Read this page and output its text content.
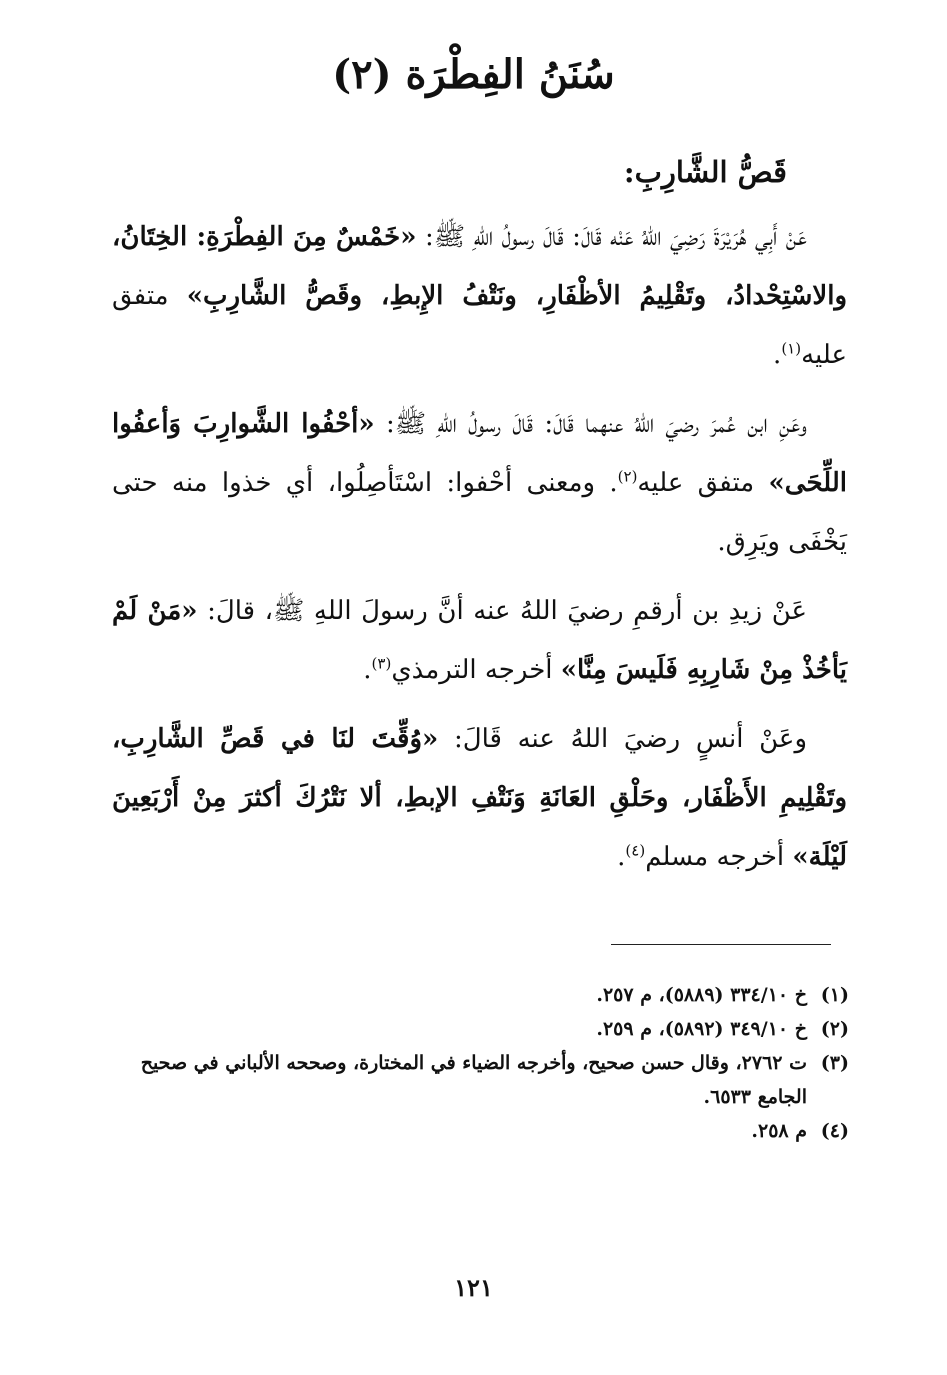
سُنَنُ الفِطْرَة (٢)
قَصُّ الشَّارِبِ:

عَنْ أَبِي هُرَيْرَةَ رَضِيَ اللهُ عَنْه قَالَ: قَالَ رسولُ اللهِ ﷺ: «خَمْسٌ مِنَ الفِطْرَةِ: الخِتَانُ، والاسْتِحْدادُ، وتَقْلِيمُ الأظْفَارِ، ونَتْفُ الإِبطِ، وقَصُّ الشَّارِبِ» متفق عليه$^{(١)}$.

وعَنِ ابن عُمرَ رضيَ اللهُ عنهما قَالَ: قَالَ رسولُ اللهِ ﷺ: «أحْفُوا الشَّوارِبَ وَأعفُوا اللِّحَى» متفق عليه$^{(٢)}$. ومعنى أحْفوا: اسْتَأصِلُوا، أي خذوا منه حتى يَخْفَى ويَرِق.

عَنْ زيدِ بن أرقمِ رضيَ اللهُ عنه أنَّ رسولَ اللهِ ﷺ، قالَ: «مَنْ لَمْ يَأخُذْ مِنْ شَارِبِهِ فَلَيسَ مِنَّا» أخرجه الترمذي$^{(٣)}$.

وعَنْ أنسٍ رضيَ اللهُ عنه قَالَ: «وُقِّتَ لنَا في قَصِّ الشَّارِبِ، وتَقْلِيمِ الأَظْفَار، وحَلْقِ العَانَةِ وَنَتْفِ الإبطِ، ألا نَتْرُكَ أكثرَ مِنْ أَرْبَعِينَ لَيْلَة» أخرجه مسلم$^{(٤)}$.

(١)
خ ٣٣٤/١٠ (٥٨٨٩)، م ٢٥٧.
(٢)
خ ٣٤٩/١٠ (٥٨٩٢)، م ٢٥٩.
(٣)
ت ٢٧٦٢، وقال حسن صحيح، وأخرجه الضياء في المختارة، وصححه الألباني في صحيح الجامع ٦٥٣٣.
(٤)
م ٢٥٨.
١٢١
